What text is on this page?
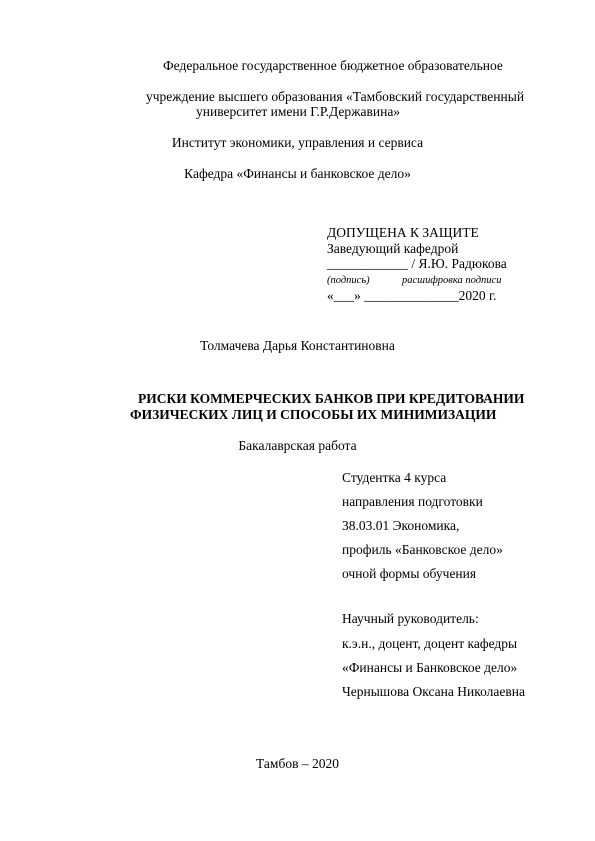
Федеральное государственное бюджетное образовательное
учреждение высшего образования «Тамбовский государственный
университет имени Г.Р.Державина»
Институт экономики, управления и сервиса
Кафедра «Финансы и банковское дело»
ДОПУЩЕНА К ЗАЩИТЕ
Заведующий кафедрой
____________ / Я.Ю. Радюкова
(подпись)	расшифровка подписи
«___» ______________2020 г.
Толмачева Дарья Константиновна
РИСКИ КОММЕРЧЕСКИХ БАНКОВ ПРИ КРЕДИТОВАНИИ
ФИЗИЧЕСКИХ ЛИЦ И СПОСОБЫ ИХ МИНИМИЗАЦИИ
Бакалаврская работа
Студентка 4 курса
направления подготовки
38.03.01 Экономика,
профиль «Банковское дело»
очной формы обучения
Научный руководитель:
к.э.н., доцент, доцент кафедры
«Финансы и Банковское дело»
Чернышова Оксана Николаевна
Тамбов – 2020
